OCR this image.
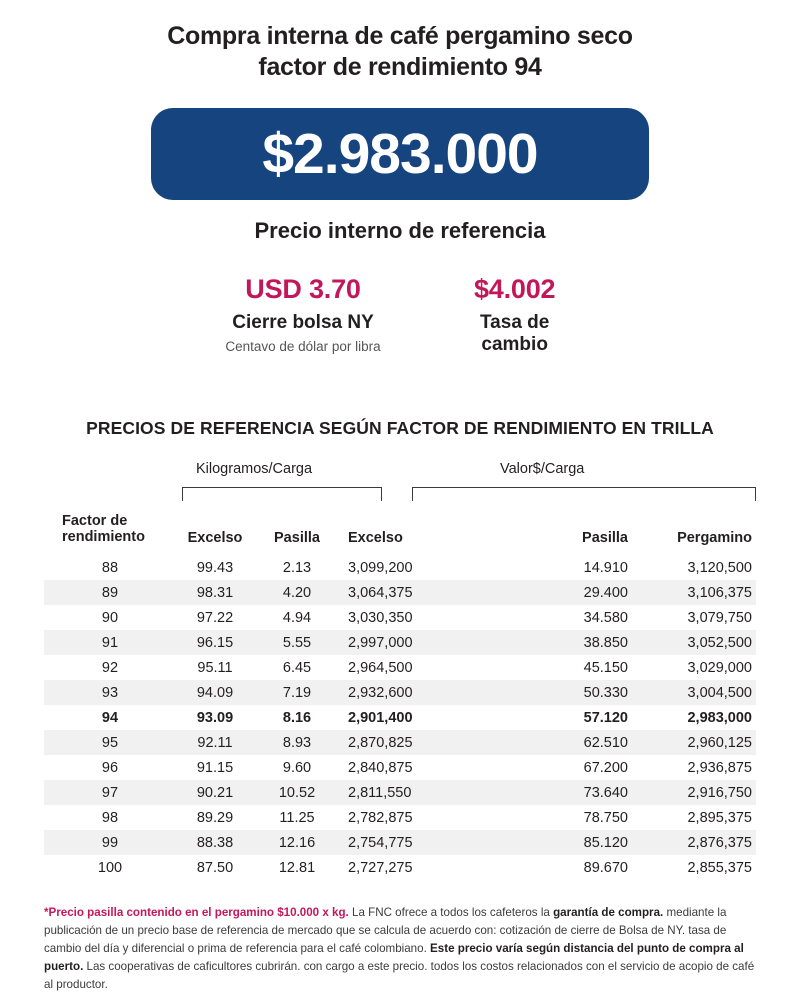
Compra interna de café pergamino seco
factor de rendimiento 94
$2.983.000
Precio interno de referencia
USD 3.70
Cierre bolsa NY
Centavo de dólar por libra
$4.002
Tasa de cambio
PRECIOS DE REFERENCIA SEGÚN FACTOR DE RENDIMIENTO EN TRILLA
Kilogramos/Carga	Valor$/Carga
Factor de rendimiento	Excelso	Pasilla	Excelso	Pasilla	Pergamino
88	99.43	2.13	3,099,200	14.910	3,120,500
89	98.31	4.20	3,064,375	29.400	3,106,375
90	97.22	4.94	3,030,350	34.580	3,079,750
91	96.15	5.55	2,997,000	38.850	3,052,500
92	95.11	6.45	2,964,500	45.150	3,029,000
93	94.09	7.19	2,932,600	50.330	3,004,500
94	93.09	8.16	2,901,400	57.120	2,983,000
95	92.11	8.93	2,870,825	62.510	2,960,125
96	91.15	9.60	2,840,875	67.200	2,936,875
97	90.21	10.52	2,811,550	73.640	2,916,750
98	89.29	11.25	2,782,875	78.750	2,895,375
99	88.38	12.16	2,754,775	85.120	2,876,375
100	87.50	12.81	2,727,275	89.670	2,855,375
*Precio pasilla contenido en el pergamino $10.000 x kg. La FNC ofrece a todos los cafeteros la garantía de compra. mediante la publicación de un precio base de referencia de mercado que se calcula de acuerdo con: cotización de cierre de Bolsa de NY. tasa de cambio del día y diferencial o prima de referencia para el café colombiano. Este precio varía según distancia del punto de compra al puerto. Las cooperativas de caficultores cubrirán. con cargo a este precio. todos los costos relacionados con el servicio de acopio de café al productor.
